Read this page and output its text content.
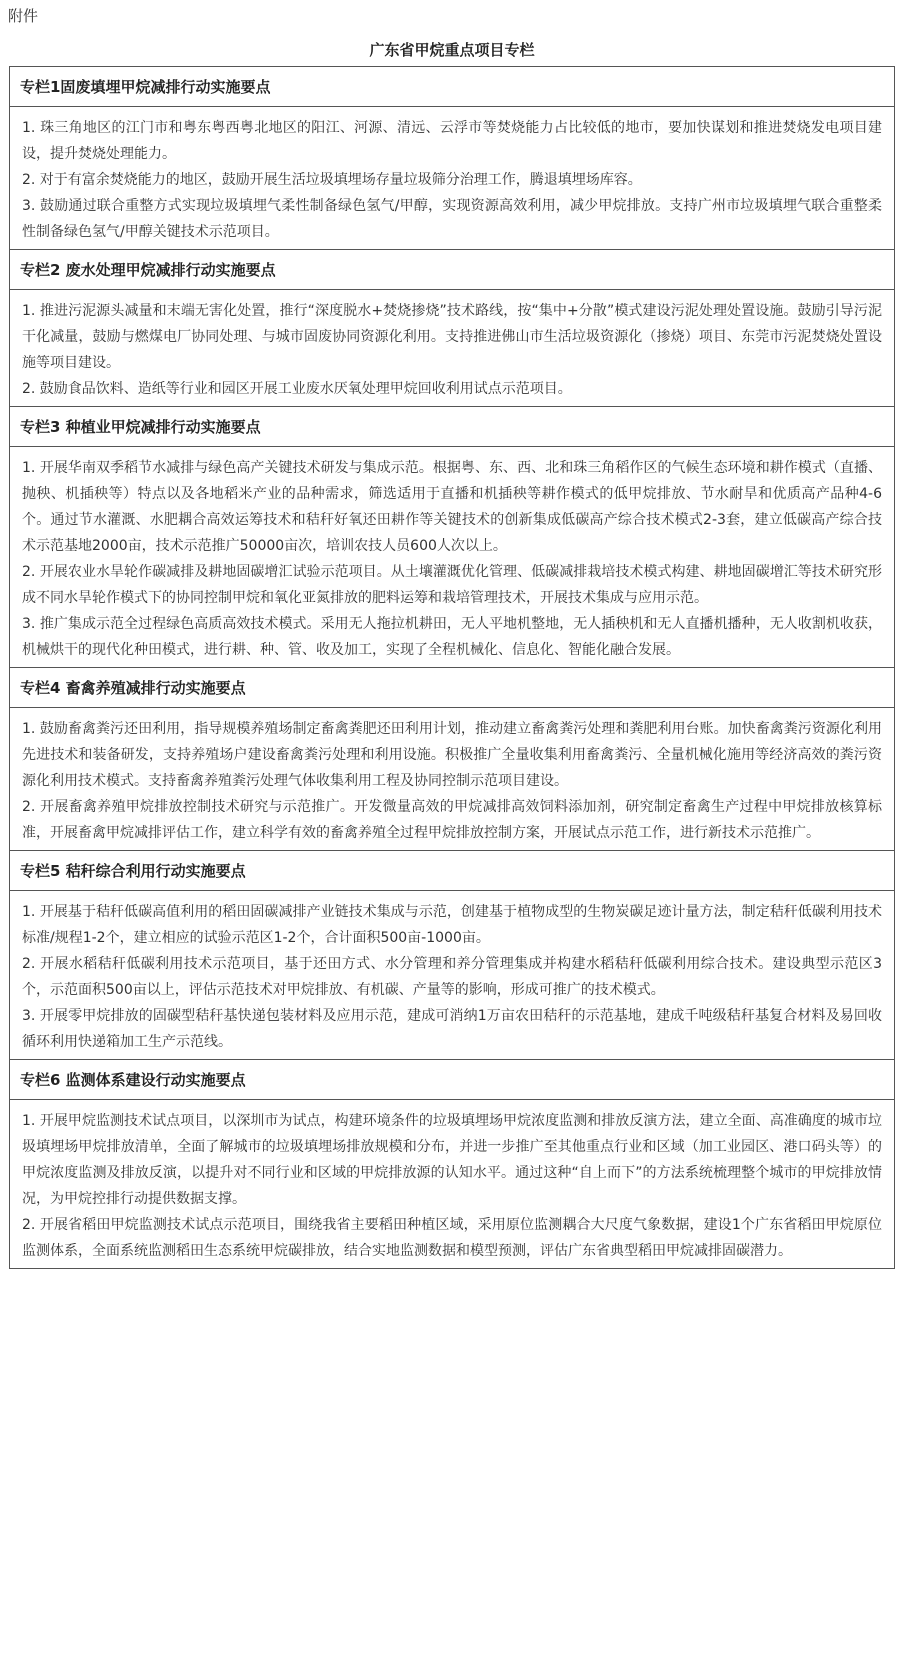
附件
广东省甲烷重点项目专栏
专栏1固废填埋甲烷减排行动实施要点

1. 珠三角地区的江门市和粤东粤西粤北地区的阳江、河源、清远、云浮市等焚烧能力占比较低的地市，要加快谋划和推进焚烧发电项目建设，提升焚烧处理能力。

2. 对于有富余焚烧能力的地区，鼓励开展生活垃圾填埋场存量垃圾筛分治理工作，腾退填埋场库容。

3. 鼓励通过联合重整方式实现垃圾填埋气柔性制备绿色氢气/甲醇，实现资源高效利用，减少甲烷排放。支持广州市垃圾填埋气联合重整柔性制备绿色氢气/甲醇关键技术示范项目。

专栏2 废水处理甲烷减排行动实施要点

1. 推进污泥源头减量和末端无害化处置，推行“深度脱水+焚烧掺烧”技术路线，按“集中+分散”模式建设污泥处理处置设施。鼓励引导污泥干化减量，鼓励与燃煤电厂协同处理、与城市固废协同资源化利用。支持推进佛山市生活垃圾资源化（掺烧）项目、东莞市污泥焚烧处置设施等项目建设。

2. 鼓励食品饮料、造纸等行业和园区开展工业废水厌氧处理甲烷回收利用试点示范项目。

专栏3 种植业甲烷减排行动实施要点

1. 开展华南双季稻节水减排与绿色高产关键技术研发与集成示范。根据粤、东、西、北和珠三角稻作区的气候生态环境和耕作模式（直播、抛秧、机插秧等）特点以及各地稻米产业的品种需求，筛选适用于直播和机插秧等耕作模式的低甲烷排放、节水耐旱和优质高产品种4-6个。通过节水灌溉、水肥耦合高效运筹技术和秸秆好氧还田耕作等关键技术的创新集成低碳高产综合技术模式2-3套，建立低碳高产综合技术示范基地2000亩，技术示范推广50000亩次，培训农技人员600人次以上。

2. 开展农业水旱轮作碳减排及耕地固碳增汇试验示范项目。从土壤灌溉优化管理、低碳减排栽培技术模式构建、耕地固碳增汇等技术研究形成不同水旱轮作模式下的协同控制甲烷和氧化亚氮排放的肥料运筹和栽培管理技术，开展技术集成与应用示范。

3. 推广集成示范全过程绿色高质高效技术模式。采用无人拖拉机耕田，无人平地机整地，无人插秧机和无人直播机播种，无人收割机收获，机械烘干的现代化种田模式，进行耕、种、管、收及加工，实现了全程机械化、信息化、智能化融合发展。

专栏4 畜禽养殖减排行动实施要点

1. 鼓励畜禽粪污还田利用，指导规模养殖场制定畜禽粪肥还田利用计划，推动建立畜禽粪污处理和粪肥利用台账。加快畜禽粪污资源化利用先进技术和装备研发，支持养殖场户建设畜禽粪污处理和利用设施。积极推广全量收集利用畜禽粪污、全量机械化施用等经济高效的粪污资源化利用技术模式。支持畜禽养殖粪污处理气体收集利用工程及协同控制示范项目建设。

2. 开展畜禽养殖甲烷排放控制技术研究与示范推广。开发微量高效的甲烷减排高效饲料添加剂，研究制定畜禽生产过程中甲烷排放核算标准，开展畜禽甲烷减排评估工作，建立科学有效的畜禽养殖全过程甲烷排放控制方案，开展试点示范工作，进行新技术示范推广。

专栏5 秸秆综合利用行动实施要点

1. 开展基于秸秆低碳高值利用的稻田固碳减排产业链技术集成与示范，创建基于植物成型的生物炭碳足迹计量方法，制定秸秆低碳利用技术标准/规程1-2个，建立相应的试验示范区1-2个，合计面积500亩-1000亩。

2. 开展水稻秸秆低碳利用技术示范项目，基于还田方式、水分管理和养分管理集成并构建水稻秸秆低碳利用综合技术。建设典型示范区3个，示范面积500亩以上，评估示范技术对甲烷排放、有机碳、产量等的影响，形成可推广的技术模式。

3. 开展零甲烷排放的固碳型秸秆基快递包装材料及应用示范，建成可消纳1万亩农田秸秆的示范基地，建成千吨级秸秆基复合材料及易回收循环利用快递箱加工生产示范线。

专栏6 监测体系建设行动实施要点

1. 开展甲烷监测技术试点项目，以深圳市为试点，构建环境条件的垃圾填埋场甲烷浓度监测和排放反演方法，建立全面、高准确度的城市垃圾填埋场甲烷排放清单，全面了解城市的垃圾填埋场排放规模和分布，并进一步推广至其他重点行业和区域（加工业园区、港口码头等）的甲烷浓度监测及排放反演，以提升对不同行业和区域的甲烷排放源的认知水平。通过这种“自上而下”的方法系统梳理整个城市的甲烷排放情况，为甲烷控排行动提供数据支撑。

2. 开展省稻田甲烷监测技术试点示范项目，围绕我省主要稻田种植区域，采用原位监测耦合大尺度气象数据，建设1个广东省稻田甲烷原位监测体系，全面系统监测稻田生态系统甲烷碳排放，结合实地监测数据和模型预测，评估广东省典型稻田甲烷减排固碳潜力。
